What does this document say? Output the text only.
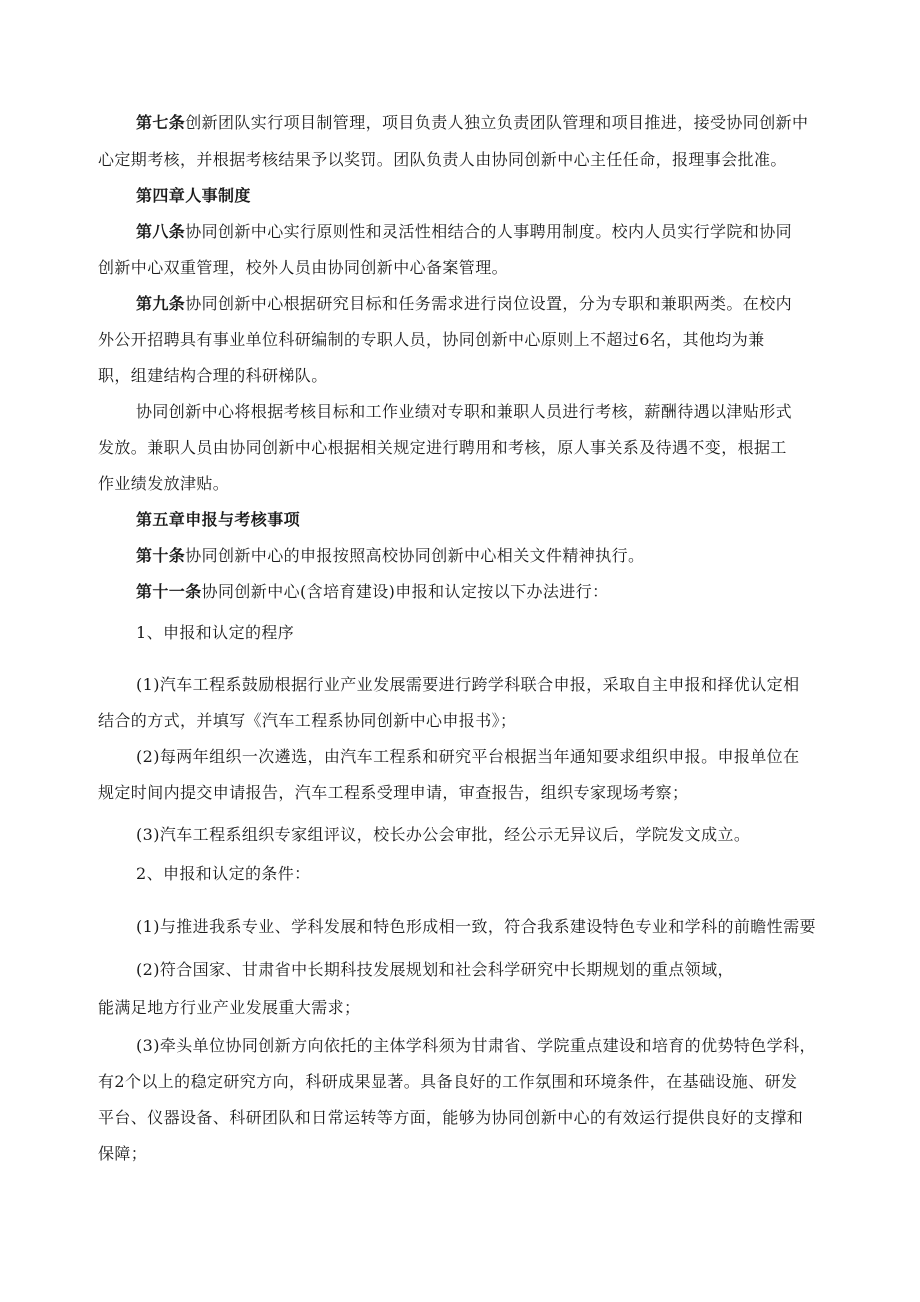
第七条创新团队实行项目制管理，项目负责人独立负责团队管理和项目推进，接受协同创新中
心定期考核，并根据考核结果予以奖罚。团队负责人由协同创新中心主任任命，报理事会批准。
第四章人事制度
第八条协同创新中心实行原则性和灵活性相结合的人事聘用制度。校内人员实行学院和协同
创新中心双重管理，校外人员由协同创新中心备案管理。
第九条协同创新中心根据研究目标和任务需求进行岗位设置，分为专职和兼职两类。在校内
外公开招聘具有事业单位科研编制的专职人员，协同创新中心原则上不超过6名，其他均为兼
职，组建结构合理的科研梯队。
协同创新中心将根据考核目标和工作业绩对专职和兼职人员进行考核，薪酬待遇以津贴形式
发放。兼职人员由协同创新中心根据相关规定进行聘用和考核，原人事关系及待遇不变，根据工
作业绩发放津贴。
第五章申报与考核事项
第十条协同创新中心的申报按照高校协同创新中心相关文件精神执行。
第十一条协同创新中心(含培育建设)申报和认定按以下办法进行：
1、申报和认定的程序
(1)汽车工程系鼓励根据行业产业发展需要进行跨学科联合申报，采取自主申报和择优认定相
结合的方式，并填写《汽车工程系协同创新中心申报书》；
(2)每两年组织一次遴选，由汽车工程系和研究平台根据当年通知要求组织申报。申报单位在
规定时间内提交申请报告，汽车工程系受理申请，审查报告，组织专家现场考察；
(3)汽车工程系组织专家组评议，校长办公会审批，经公示无异议后，学院发文成立。
2、申报和认定的条件：
(1)与推进我系专业、学科发展和特色形成相一致，符合我系建设特色专业和学科的前瞻性需要
(2)符合国家、甘肃省中长期科技发展规划和社会科学研究中长期规划的重点领域，
能满足地方行业产业发展重大需求；
(3)牵头单位协同创新方向依托的主体学科须为甘肃省、学院重点建设和培育的优势特色学科，
有2个以上的稳定研究方向，科研成果显著。具备良好的工作氛围和环境条件，在基础设施、研发
平台、仪器设备、科研团队和日常运转等方面，能够为协同创新中心的有效运行提供良好的支撑和
保障；
